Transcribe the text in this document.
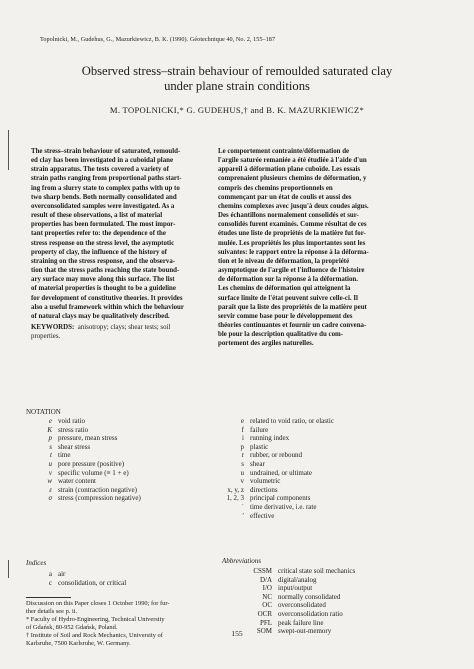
Topolnicki, M., Gudehus, G., Mazurkiewicz, B. K. (1990). Géotechnique 40, No. 2, 155–187
Observed stress–strain behaviour of remoulded saturated clay
under plane strain conditions
M. TOPOLNICKI,* G. GUDEHUS,† and B. K. MAZURKIEWICZ*
The stress–strain behaviour of saturated, remould-
ed clay has been investigated in a cuboidal plane
strain apparatus. The tests covered a variety of
strain paths ranging from proportional paths start-
ing from a slurry state to complex paths with up to
two sharp bends. Both normally consolidated and
overconsolidated samples were investigated. As a
result of these observations, a list of material
properties has been formulated. The most impor-
tant properties refer to: the dependence of the
stress response on the stress level, the asymptotic
property of clay, the influence of the history of
straining on the stress response, and the observa-
tion that the stress paths reaching the state bound-
ary surface may move along this surface. The list
of material properties is thought to be a guideline
for development of constitutive theories. It provides
also a useful framework within which the behaviour
of natural clays may be qualitatively described.
KEYWORDS: anisotropy; clays; shear tests; soil
properties.
Le comportement contrainte/déformation de
l'argile saturée remaniée a été étudiée à l'aide d'un
appareil à déformation plane cuboïde. Les essais
comprenaient plusieurs chemins de déformation, y
compris des chemins proportionnels en
commençant par un état de coulis et aussi des
chemins complexes avec jusqu'à deux coudes aigus.
Des échantillons normalement consolidés et sur-
consolidés furent examinés. Comme résultat de ces
études une liste de propriétés de la matière fut for-
mulée. Les propriétés les plus importantes sont les
suivantes: le rapport entre la réponse à la déforma-
tion et le niveau de déformation, la propriété
asymptotique de l'argile et l'influence de l'histoire
de déformation sur la réponse à la déformation.
Les chemins de déformation qui atteignent la
surface limite de l'état peuvent suivre celle-ci. Il
paraît que la liste des propriétés de la matière peut
servir comme base pour le développement des
théories continuantes et fournir un cadre convena-
ble pour la description qualitative du com-
portement des argiles naturelles.
NOTATION
e void ratio
K stress ratio
p pressure, mean stress
s shear stress
t time
u pore pressure (positive)
v specific volume (≡ 1 + e)
w water content
ε strain (contraction negative)
σ stress (compression negative)
e related to void ratio, or elastic
f failure
i running index
p plastic
r rubber, or rebound
s shear
u undrained, or ultimate
v volumetric
x, y, z directions
1, 2, 3 principal components
˙ time derivative, i.e. rate
′ effective
Indices
a air
c consolidation, or critical
Abbreviations
CSSM critical state soil mechanics
D/A digital/analog
I/O input/output
NC normally consolidated
OC overconsolidated
OCR overconsolidation ratio
PFL peak failure line
SOM swept-out-memory
Discussion on this Paper closes 1 October 1990; for fur-
ther details see p. ii.
* Faculty of Hydro-Engineering, Technical University
of Gdańsk, 80-952 Gdańsk, Poland.
† Institute of Soil and Rock Mechanics, University of
Karlsruhe, 7500 Karlsruhe, W. Germany.
155
